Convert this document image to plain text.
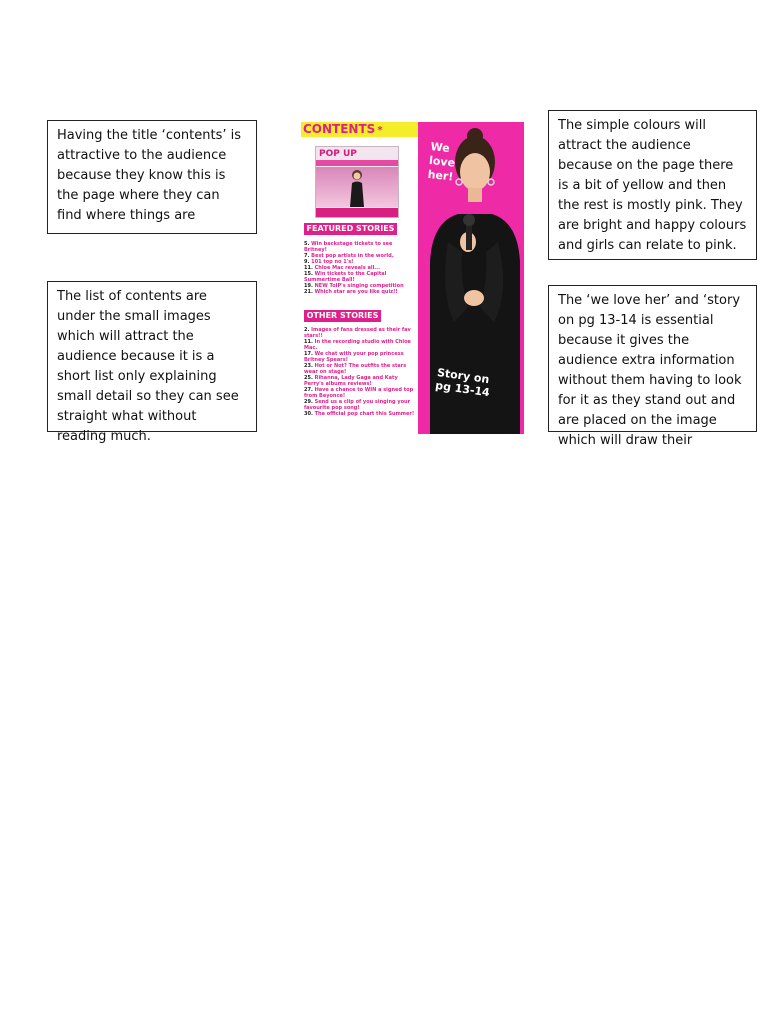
Having the title ‘contents’ is attractive to the audience because they know this is the page where they can find where things are
The list of contents are under the small images which will attract the audience because it is a short list only explaining small detail so they can see straight what without reading much.
The simple colours will attract the audience because on the page there is a bit of yellow and then the rest is mostly pink. They are bright and happy colours and girls can relate to pink.
The ‘we love her’ and ‘story on pg 13-14 is essential because it gives the audience extra information without them having to look for it as they stand out and are placed on the image which will draw their
CONTENTS *
POP UP
FEATURED STORIES
5. Win backstage tickets to see Britney!
7. Best pop artists in the world.
9. 101 top no 1's!
11. Chloe Mac reveals all...
15. Win tickets to the Capital Summertime Ball!
19. NEW ToIP's singing competition
21. Which star are you like quiz!!
OTHER STORIES
2. Images of fans dressed as their fav stars!!
11. In the recording studio with Chloe Mac.
17. We chat with your pop princess Britney Spears!
23. Hot or Not? The outfits the stars wear on stage!
25. Rihanna, Lady Gaga and Katy Perry's albums reviews!
27. Have a chance to WIN a signed top from Beyonce!
29. Send us a clip of you singing your favourite pop song!
30. The official pop chart this Summer!
We love her!
Story on pg 13-14
